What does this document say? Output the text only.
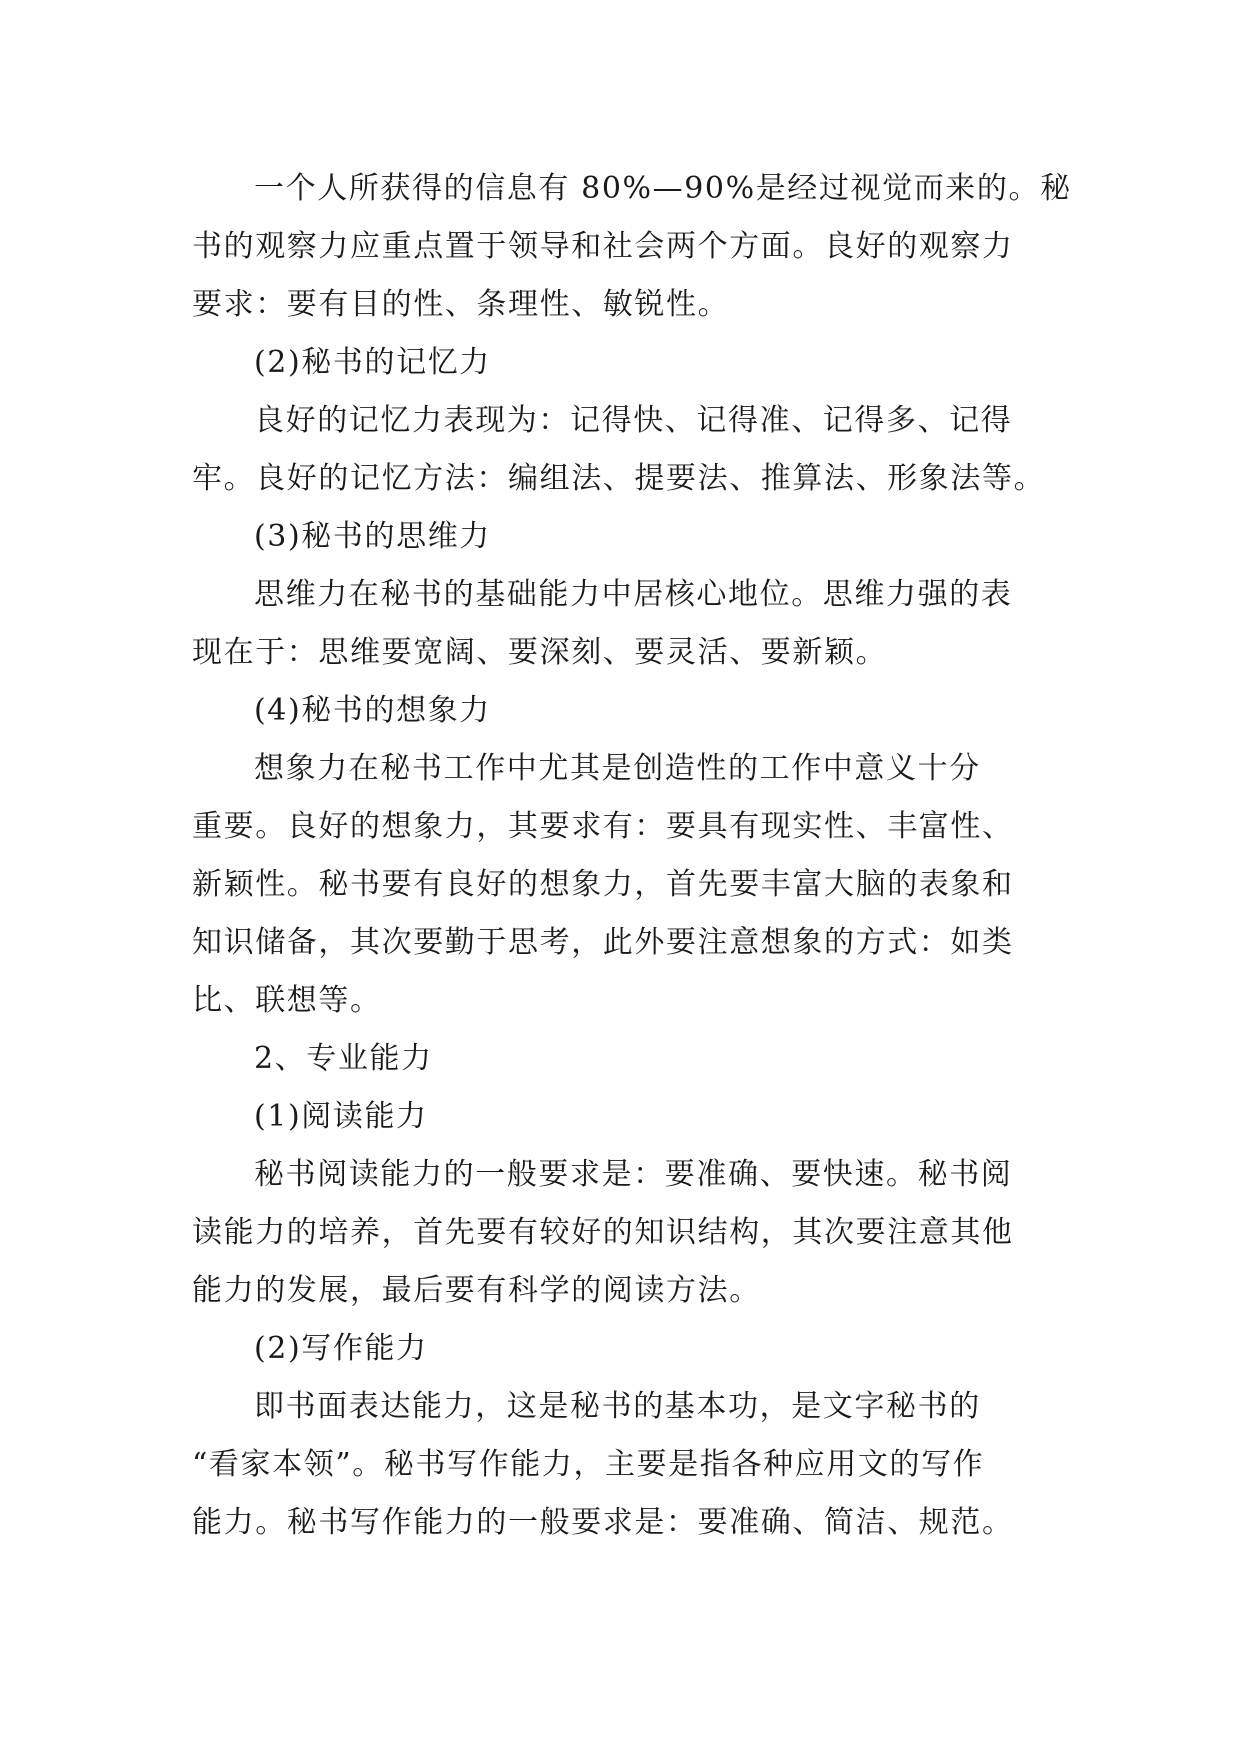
一个人所获得的信息有 80%—90%是经过视觉而来的。秘
书的观察力应重点置于领导和社会两个方面。良好的观察力
要求：要有目的性、条理性、敏锐性。
(2)秘书的记忆力
良好的记忆力表现为：记得快、记得准、记得多、记得
牢。良好的记忆方法：编组法、提要法、推算法、形象法等。
(3)秘书的思维力
思维力在秘书的基础能力中居核心地位。思维力强的表
现在于：思维要宽阔、要深刻、要灵活、要新颖。
(4)秘书的想象力
想象力在秘书工作中尤其是创造性的工作中意义十分
重要。良好的想象力，其要求有：要具有现实性、丰富性、
新颖性。秘书要有良好的想象力，首先要丰富大脑的表象和
知识储备，其次要勤于思考，此外要注意想象的方式：如类
比、联想等。
2、专业能力
(1)阅读能力
秘书阅读能力的一般要求是：要准确、要快速。秘书阅
读能力的培养，首先要有较好的知识结构，其次要注意其他
能力的发展，最后要有科学的阅读方法。
(2)写作能力
即书面表达能力，这是秘书的基本功，是文字秘书的
“看家本领”。秘书写作能力，主要是指各种应用文的写作
能力。秘书写作能力的一般要求是：要准确、简洁、规范。
